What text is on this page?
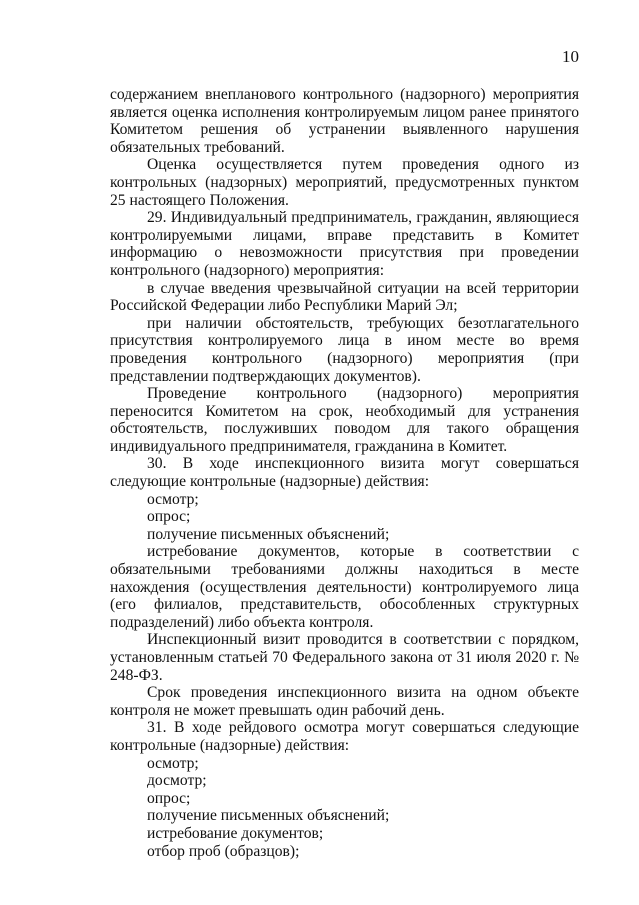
10

содержанием внепланового контрольного (надзорного) мероприятия является оценка исполнения контролируемым лицом ранее принятого Комитетом решения об устранении выявленного нарушения обязательных требований.

Оценка осуществляется путем проведения одного из контрольных (надзорных) мероприятий, предусмотренных пунктом 25 настоящего Положения.

29. Индивидуальный предприниматель, гражданин, являющиеся контролируемыми лицами, вправе представить в Комитет информацию о невозможности присутствия при проведении контрольного (надзорного) мероприятия:

в случае введения чрезвычайной ситуации на всей территории Российской Федерации либо Республики Марий Эл;

при наличии обстоятельств, требующих безотлагательного присутствия контролируемого лица в ином месте во время проведения контрольного (надзорного) мероприятия (при представлении подтверждающих документов).

Проведение контрольного (надзорного) мероприятия переносится Комитетом на срок, необходимый для устранения обстоятельств, послуживших поводом для такого обращения индивидуального предпринимателя, гражданина в Комитет.

30. В ходе инспекционного визита могут совершаться следующие контрольные (надзорные) действия:

осмотр;

опрос;

получение письменных объяснений;

истребование документов, которые в соответствии с обязательными требованиями должны находиться в месте нахождения (осуществления деятельности) контролируемого лица (его филиалов, представительств, обособленных структурных подразделений) либо объекта контроля.

Инспекционный визит проводится в соответствии с порядком, установленным статьей 70 Федерального закона от 31 июля 2020 г. № 248-ФЗ.

Срок проведения инспекционного визита на одном объекте контроля не может превышать один рабочий день.

31. В ходе рейдового осмотра могут совершаться следующие контрольные (надзорные) действия:

осмотр;

досмотр;

опрос;

получение письменных объяснений;

истребование документов;

отбор проб (образцов);
